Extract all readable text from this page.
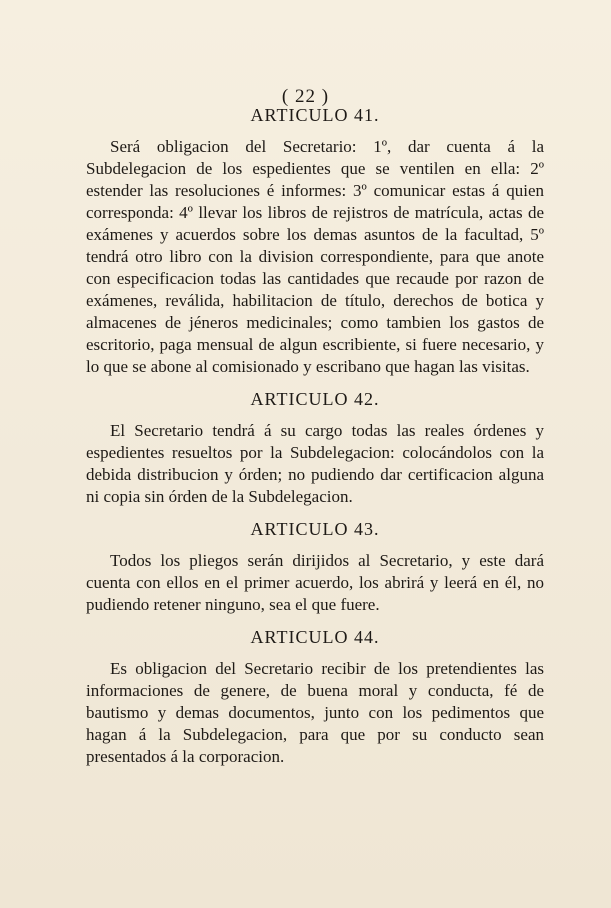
( 22 )
ARTICULO 41.

Será obligacion del Secretario: 1º, dar cuenta á la Subdelegacion de los espedientes que se ventilen en ella: 2º estender las resoluciones é informes: 3º comunicar estas á quien corresponda: 4º llevar los libros de rejistros de matrícula, actas de exámenes y acuerdos sobre los demas asuntos de la facultad, 5º tendrá otro libro con la division correspondiente, para que anote con especificacion todas las cantidades que recaude por razon de exámenes, reválida, habilitacion de título, derechos de botica y almacenes de jéneros medicinales; como tambien los gastos de escritorio, paga mensual de algun escribiente, si fuere necesario, y lo que se abone al comisionado y escribano que hagan las visitas.

ARTICULO 42.

El Secretario tendrá á su cargo todas las reales órdenes y espedientes resueltos por la Subdelegacion: colocándolos con la debida distribucion y órden; no pudiendo dar certificacion alguna ni copia sin órden de la Subdelegacion.

ARTICULO 43.

Todos los pliegos serán dirijidos al Secretario, y este dará cuenta con ellos en el primer acuerdo, los abrirá y leerá en él, no pudiendo retener ninguno, sea el que fuere.

ARTICULO 44.

Es obligacion del Secretario recibir de los pretendientes las informaciones de genere, de buena moral y conducta, fé de bautismo y demas documentos, junto con los pedimentos que hagan á la Subdelegacion, para que por su conducto sean presentados á la corporacion.
